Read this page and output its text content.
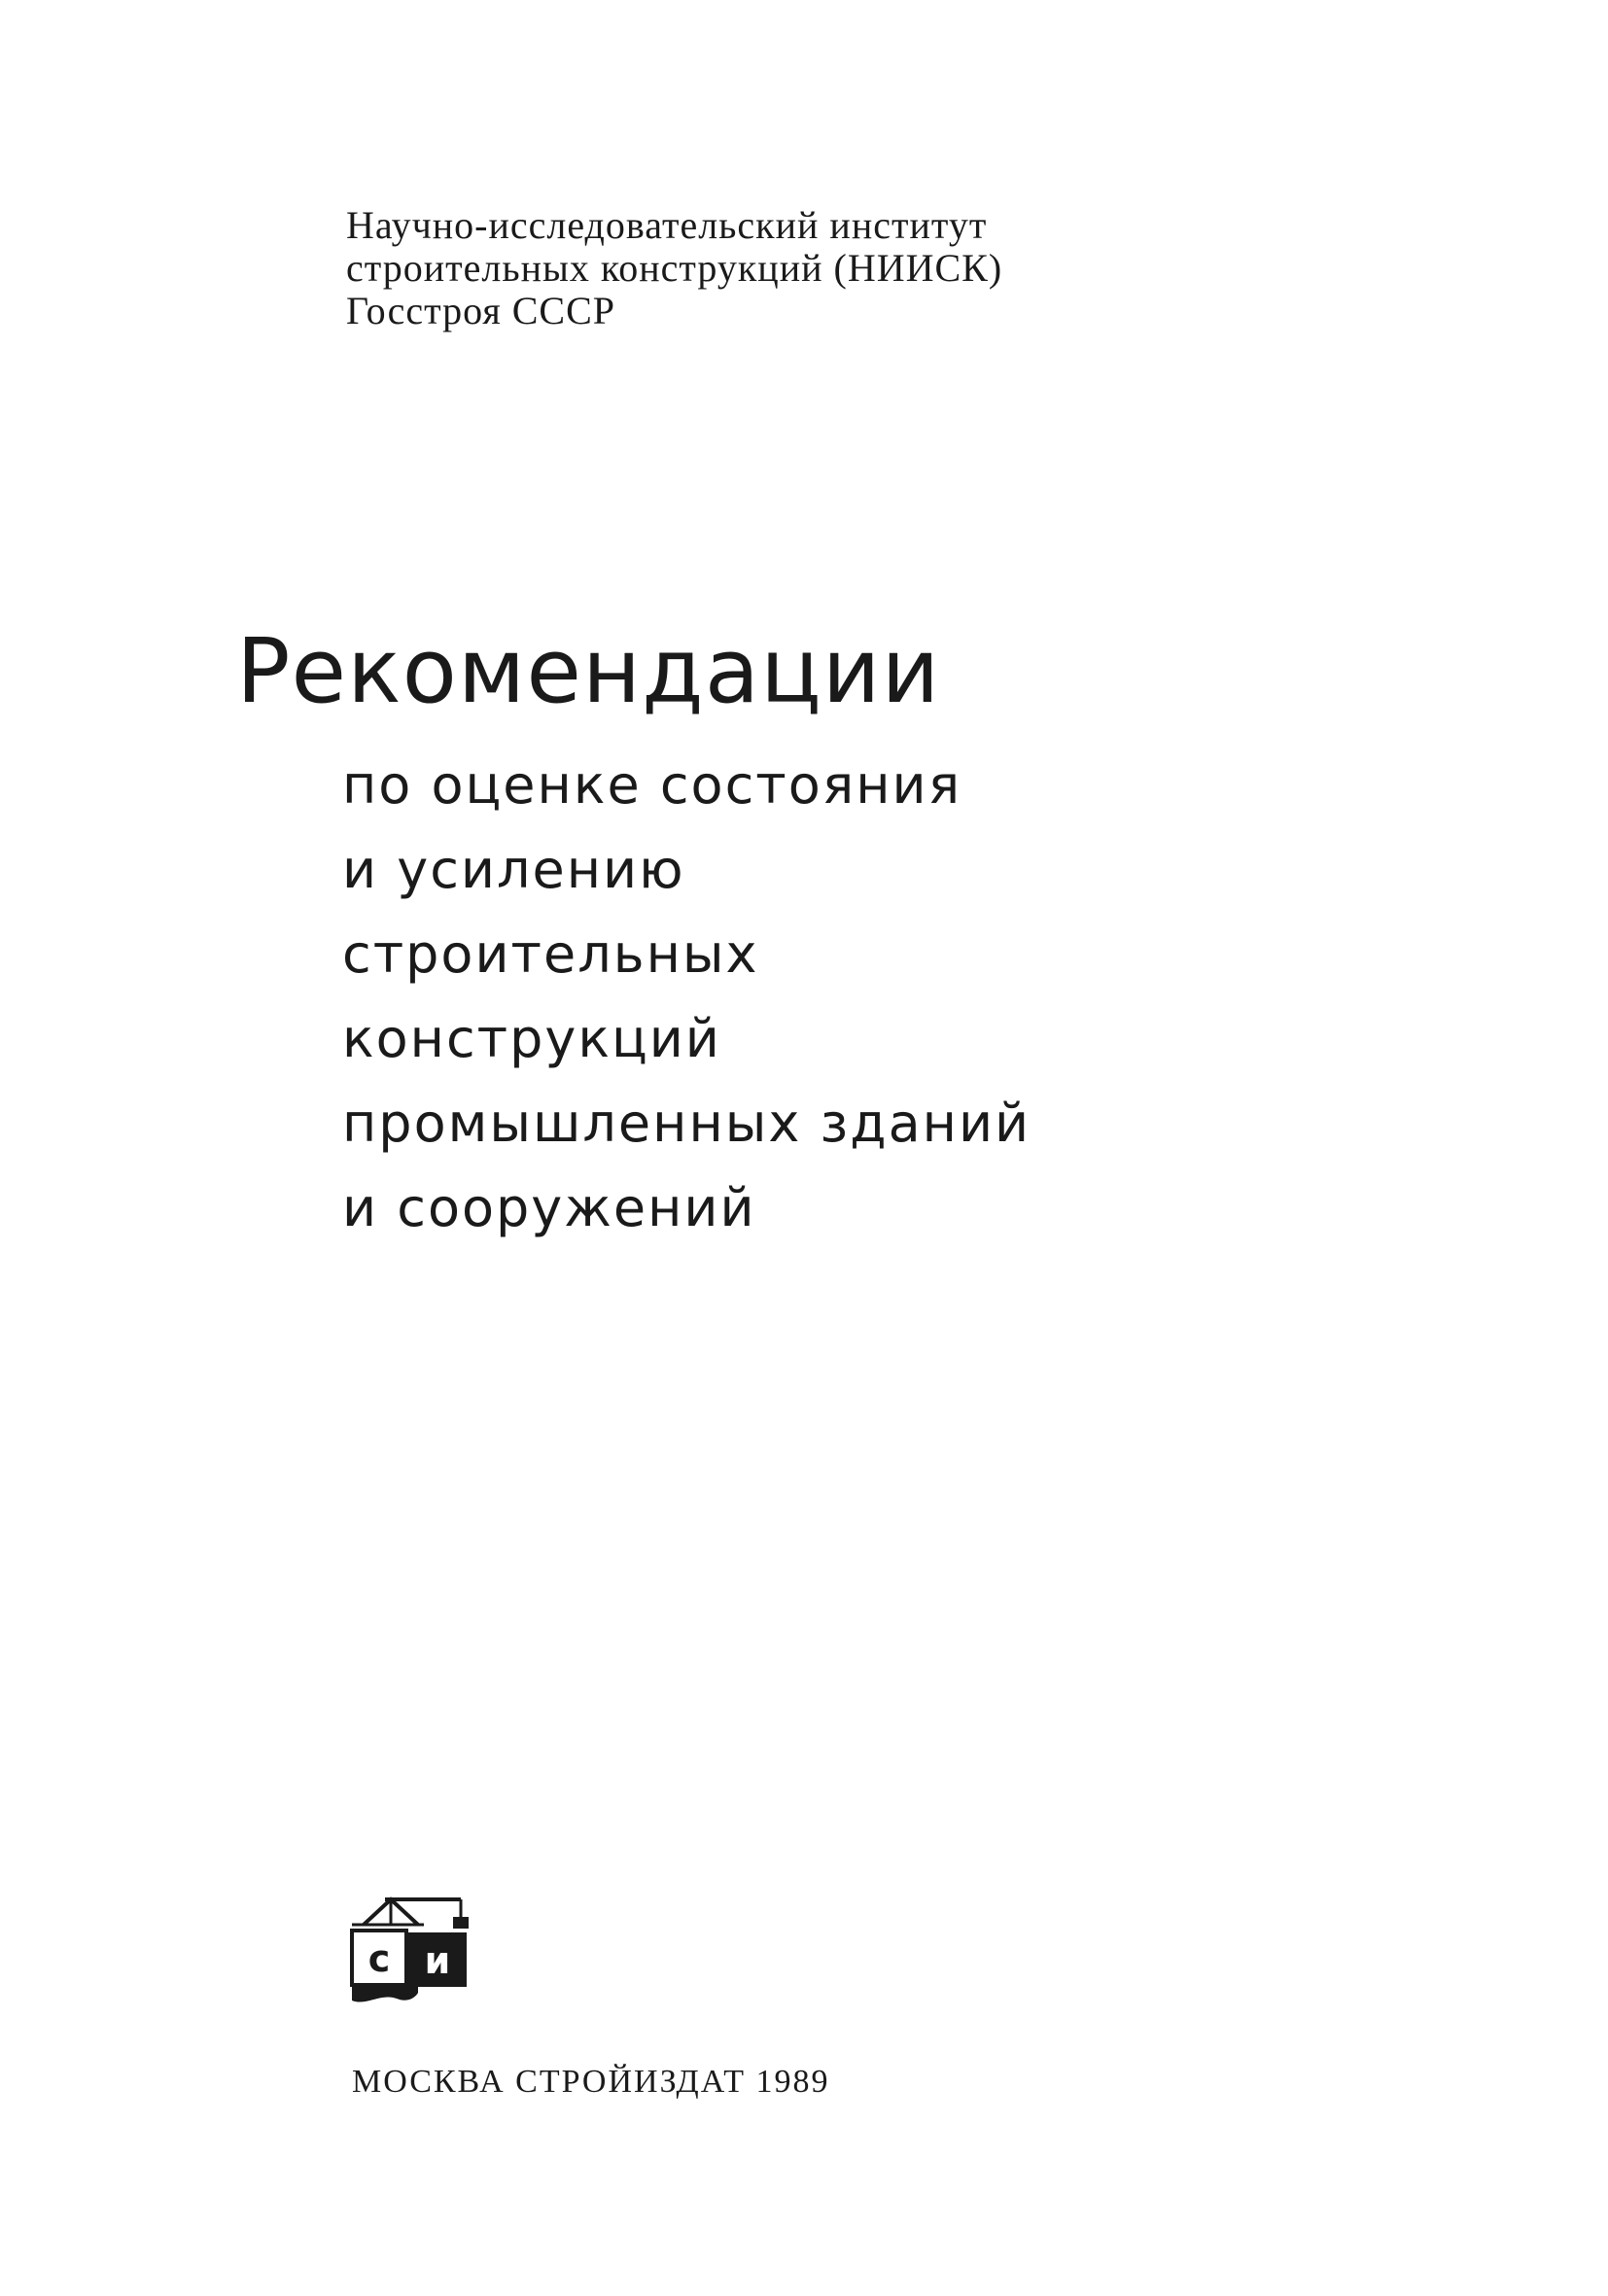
Научно-исследовательский институт
строительных конструкций (НИИСК)
Госстроя СССР
Рекомендации
по оценке состояния
и усилению
строительных
конструкций
промышленных зданий
и сооружений
с и
МОСКВА СТРОЙИЗДАТ 1989
